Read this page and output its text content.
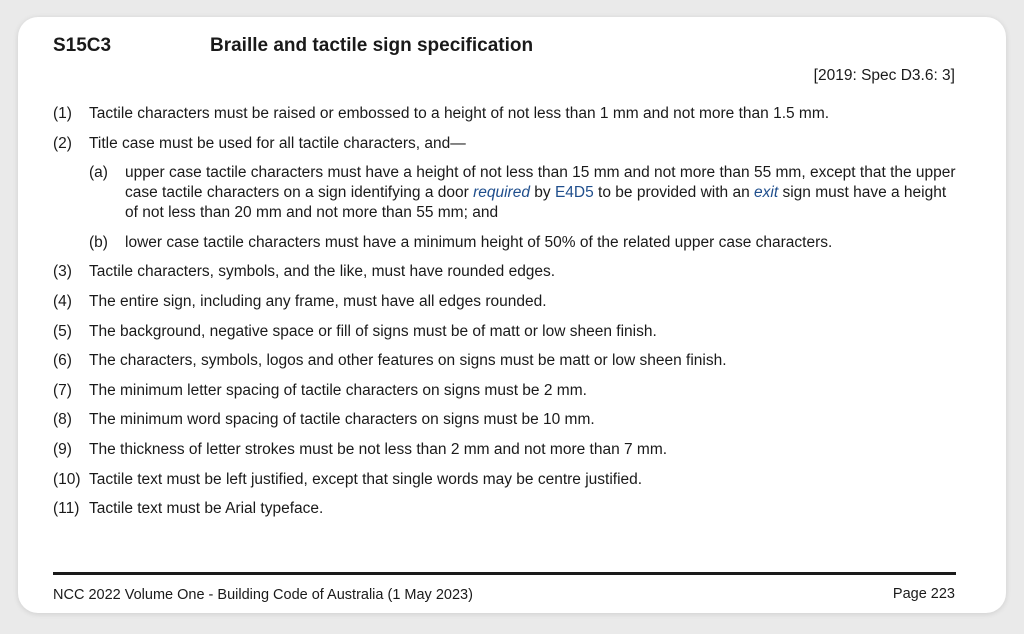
S15C3	Braille and tactile sign specification
[2019: Spec D3.6: 3]
(1)	Tactile characters must be raised or embossed to a height of not less than 1 mm and not more than 1.5 mm.
(2)	Title case must be used for all tactile characters, and—
(a)	upper case tactile characters must have a height of not less than 15 mm and not more than 55 mm, except that the upper case tactile characters on a sign identifying a door required by E4D5 to be provided with an exit sign must have a height of not less than 20 mm and not more than 55 mm; and
(b)	lower case tactile characters must have a minimum height of 50% of the related upper case characters.
(3)	Tactile characters, symbols, and the like, must have rounded edges.
(4)	The entire sign, including any frame, must have all edges rounded.
(5)	The background, negative space or fill of signs must be of matt or low sheen finish.
(6)	The characters, symbols, logos and other features on signs must be matt or low sheen finish.
(7)	The minimum letter spacing of tactile characters on signs must be 2 mm.
(8)	The minimum word spacing of tactile characters on signs must be 10 mm.
(9)	The thickness of letter strokes must be not less than 2 mm and not more than 7 mm.
(10) Tactile text must be left justified, except that single words may be centre justified.
(11) Tactile text must be Arial typeface.
NCC 2022 Volume One - Building Code of Australia (1 May 2023)	Page 223
